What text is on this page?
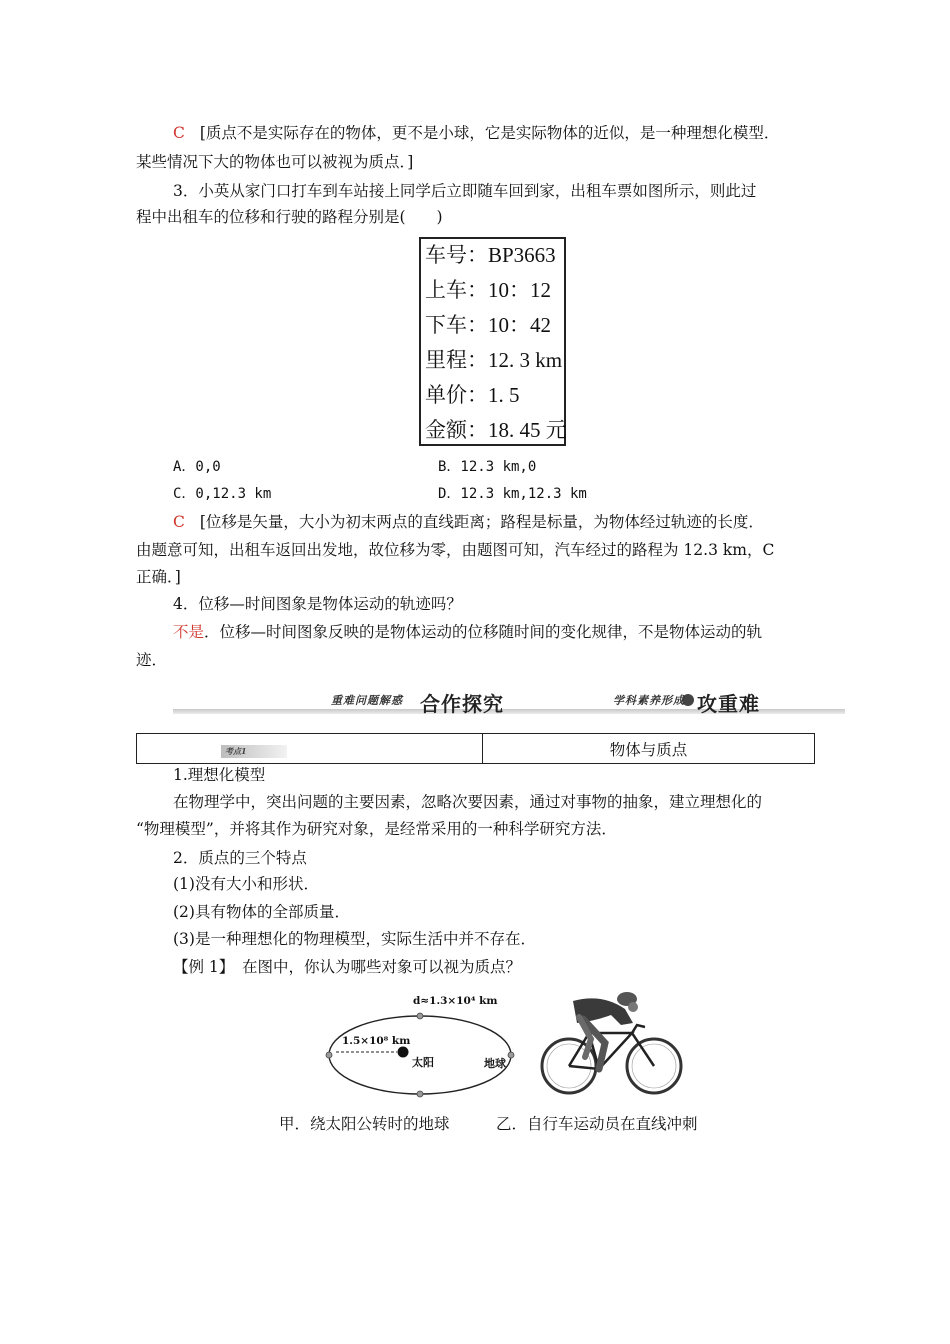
C [质点不是实际存在的物体，更不是小球，它是实际物体的近似，是一种理想化模型．
某些情况下大的物体也可以被视为质点．]
3．小英从家门口打车到车站接上同学后立即随车回到家，出租车票如图所示，则此过
程中出租车的位移和行驶的路程分别是(　　)
车号：BP3663
上车：10：12
下车：10：42
里程：12. 3 km
单价：1. 5
金额：18. 45 元
A．0,0	B．12.3 km,0
C．0,12.3 km	D．12.3 km,12.3 km
C [位移是矢量，大小为初末两点的直线距离；路程是标量，为物体经过轨迹的长度．
由题意可知，出租车返回出发地，故位移为零，由题图可知，汽车经过的路程为 12.3 km，C
正确．]
4．位移—时间图象是物体运动的轨迹吗？
不是．位移—时间图象反映的是物体运动的位移随时间的变化规律，不是物体运动的轨
迹．
重难问题解惑 合作探究	攻重难
学科素养形成
考点1	物体与质点
1.理想化模型
在物理学中，突出问题的主要因素，忽略次要因素，通过对事物的抽象，建立理想化的
“物理模型”，并将其作为研究对象，是经常采用的一种科学研究方法．
2．质点的三个特点
(1)没有大小和形状．
(2)具有物体的全部质量．
(3)是一种理想化的物理模型，实际生活中并不存在．
【例 1】　在图中，你认为哪些对象可以视为质点？
d≈1.3×10⁴ km
1.5×10⁸ km
太阳	地球
甲．绕太阳公转时的地球	乙．自行车运动员在直线冲刺
